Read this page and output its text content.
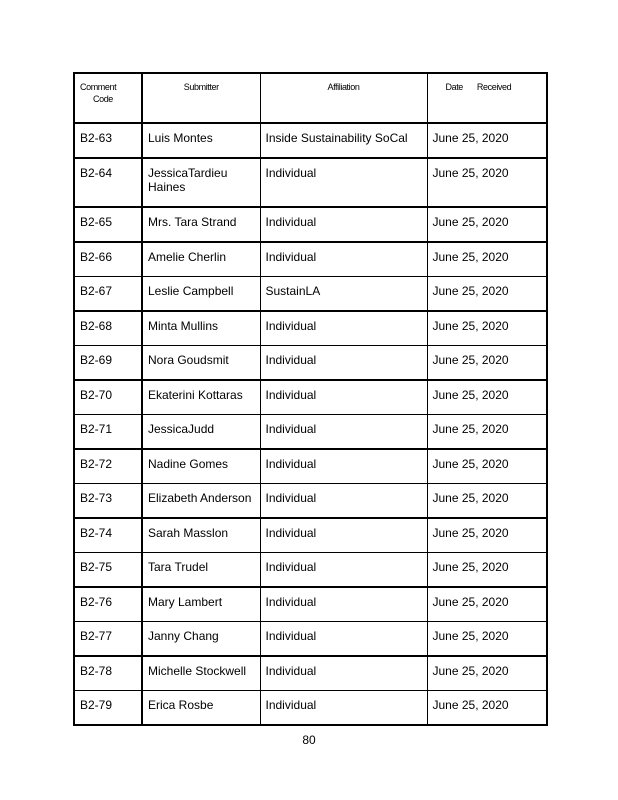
Comment
Code	Submitter	Affiliation	Date Received

B2-63	Luis Montes	Inside Sustainability SoCal	June 25, 2020

B2-64	JessicaTardieu Haines	Individual	June 25, 2020

B2-65	Mrs. Tara Strand	Individual	June 25, 2020

B2-66	Amelie Cherlin	Individual	June 25, 2020

B2-67	Leslie Campbell	SustainLA	June 25, 2020

B2-68	Minta Mullins	Individual	June 25, 2020

B2-69	Nora Goudsmit	Individual	June 25, 2020

B2-70	Ekaterini Kottaras	Individual	June 25, 2020

B2-71	JessicaJudd	Individual	June 25, 2020

B2-72	Nadine Gomes	Individual	June 25, 2020

B2-73	Elizabeth Anderson	Individual	June 25, 2020

B2-74	Sarah Masslon	Individual	June 25, 2020

B2-75	Tara Trudel	Individual	June 25, 2020

B2-76	Mary Lambert	Individual	June 25, 2020

B2-77	Janny Chang	Individual	June 25, 2020

B2-78	Michelle Stockwell	Individual	June 25, 2020

B2-79	Erica Rosbe	Individual	June 25, 2020
80
